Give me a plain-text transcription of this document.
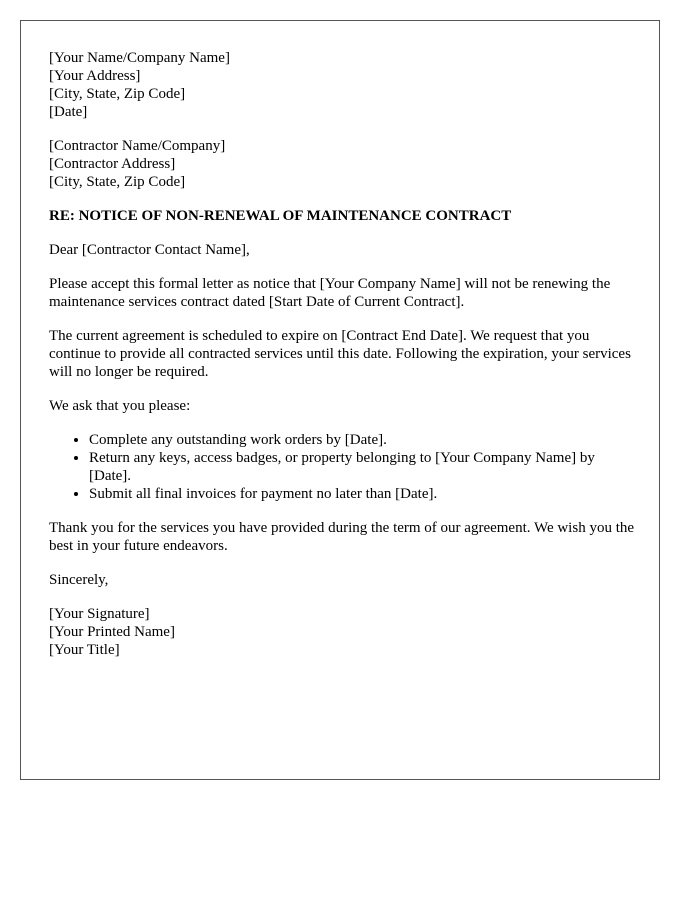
[Your Name/Company Name]
[Your Address]
[City, State, Zip Code]
[Date]
[Contractor Name/Company]
[Contractor Address]
[City, State, Zip Code]
RE: NOTICE OF NON-RENEWAL OF MAINTENANCE CONTRACT

Dear [Contractor Contact Name],

Please accept this formal letter as notice that [Your Company Name] will not be renewing the maintenance services contract dated [Start Date of Current Contract].

The current agreement is scheduled to expire on [Contract End Date]. We request that you continue to provide all contracted services until this date. Following the expiration, your services will no longer be required.

We ask that you please:

• Complete any outstanding work orders by [Date].
• Return any keys, access badges, or property belonging to [Your Company Name] by [Date].
• Submit all final invoices for payment no later than [Date].

Thank you for the services you have provided during the term of our agreement. We wish you the best in your future endeavors.

Sincerely,

[Your Signature]
[Your Printed Name]
[Your Title]
